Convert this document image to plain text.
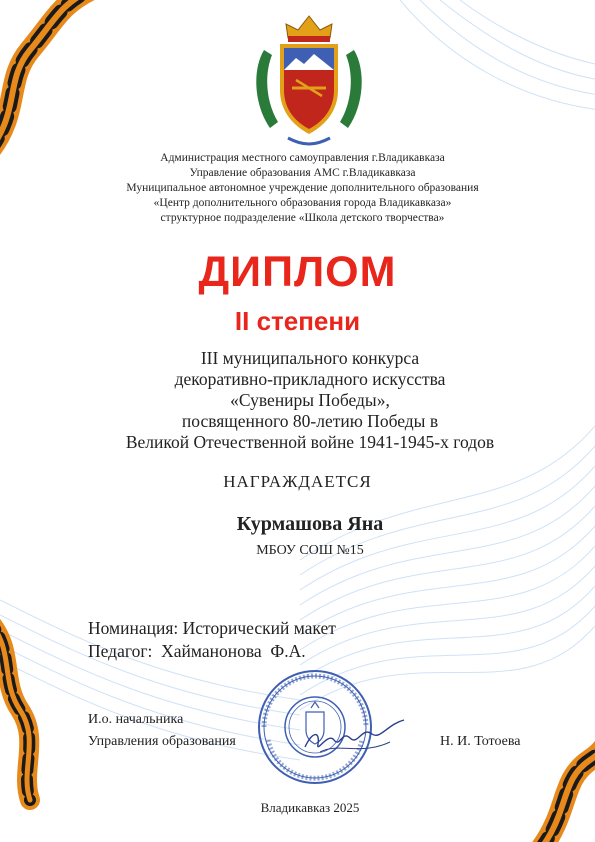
Администрация местного самоуправления г.Владикавказа
Управление образования АМС г.Владикавказа
Муниципальное автономное учреждение дополнительного образования
«Центр дополнительного образования города Владикавказа»
структурное подразделение «Школа детского творчества»
ДИПЛОМ
II степени
III муниципального конкурса
декоративно-прикладного искусства
«Сувениры Победы»,
посвященного 80-летию Победы в
Великой Отечественной войне 1941-1945-х годов
НАГРАЖДАЕТСЯ
Курмашова Яна
МБОУ СОШ №15
Номинация: Исторический макет
Педагог:  Хайманонова  Ф.А.
И.о. начальника
Управления образования	Н. И. Тотоева
Владикавказ 2025
